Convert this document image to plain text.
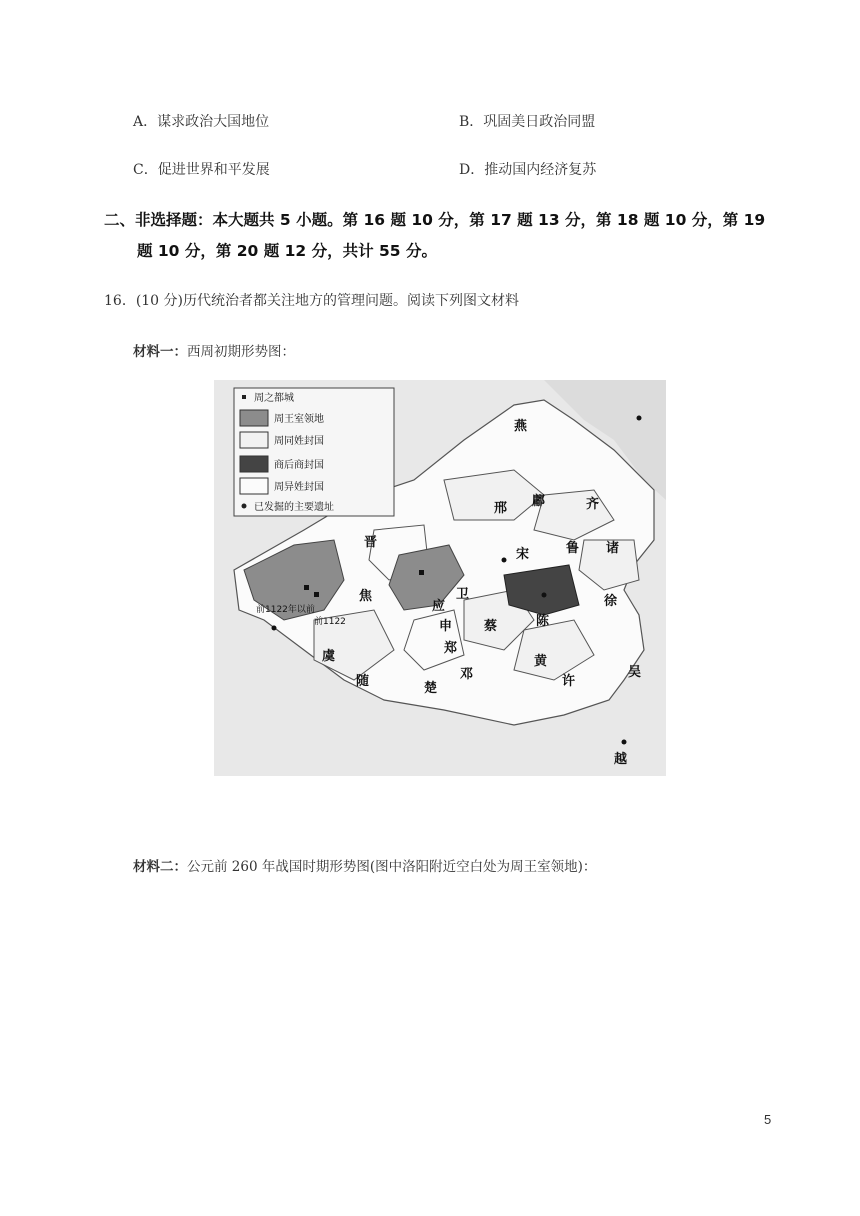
A．谋求政治大国地位	B．巩固美日政治同盟
C．促进世界和平发展	D．推动国内经济复苏
二、非选择题：本大题共 5 小题。第 16 题 10 分，第 17 题 13 分，第 18 题 10 分，第 19
题 10 分，第 20 题 12 分，共计 55 分。
16．(10 分)历代统治者都关注地方的管理问题。阅读下列图文材料
材料一：西周初期形势图：
周之都城
周王室领地
周同姓封国
商后商封国
周异姓封国
已发掘的主要遗址
燕
邢 鄘	齐
晋
焦
应
卫
蔡	陈
徐
申
虞
随	楚
邓
黄
吴
越
许
鲁 诸
宋
郑
前1122年以前
前1122
材料二：公元前 260 年战国时期形势图(图中洛阳附近空白处为周王室领地)：
5
